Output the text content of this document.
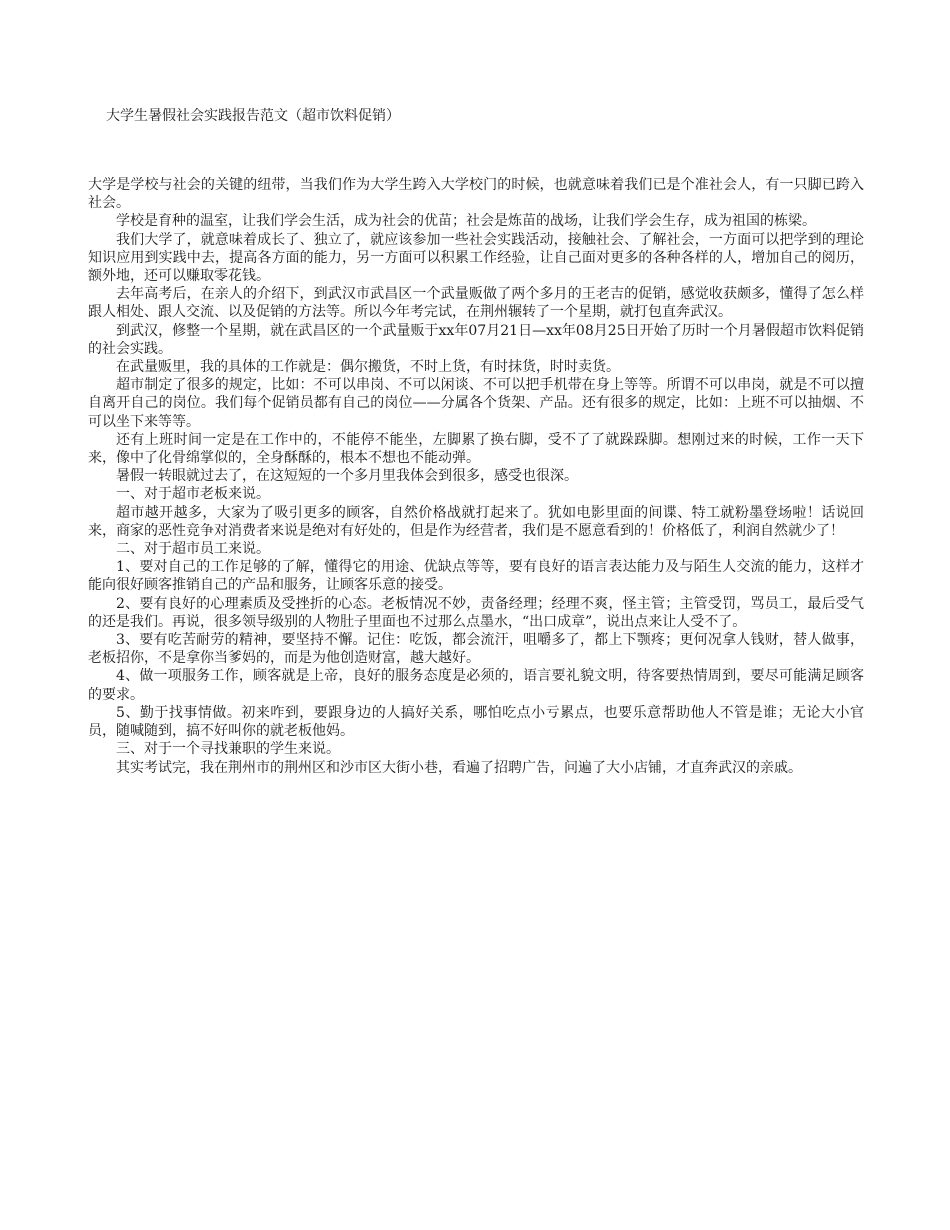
大学生暑假社会实践报告范文（超市饮料促销）

大学是学校与社会的关键的纽带，当我们作为大学生跨入大学校门的时候，也就意味着我们已是个准社会人，有一只脚已跨入社会。

学校是育种的温室，让我们学会生活，成为社会的优苗；社会是炼苗的战场，让我们学会生存，成为祖国的栋梁。

我们大学了，就意味着成长了、独立了，就应该参加一些社会实践活动，接触社会、了解社会，一方面可以把学到的理论知识应用到实践中去，提高各方面的能力，另一方面可以积累工作经验，让自己面对更多的各种各样的人，增加自己的阅历，额外地，还可以赚取零花钱。

去年高考后，在亲人的介绍下，到武汉市武昌区一个武量贩做了两个多月的王老吉的促销，感觉收获颇多，懂得了怎么样跟人相处、跟人交流、以及促销的方法等。所以今年考完试，在荆州辗转了一个星期，就打包直奔武汉。

到武汉，修整一个星期，就在武昌区的一个武量贩于xx年07月21日—xx年08月25日开始了历时一个月暑假超市饮料促销的社会实践。

在武量贩里，我的具体的工作就是：偶尔搬货，不时上货，有时抹货，时时卖货。

超市制定了很多的规定，比如：不可以串岗、不可以闲谈、不可以把手机带在身上等等。所谓不可以串岗，就是不可以擅自离开自己的岗位。我们每个促销员都有自己的岗位——分属各个货架、产品。还有很多的规定，比如：上班不可以抽烟、不可以坐下来等等。

还有上班时间一定是在工作中的，不能停不能坐，左脚累了换右脚，受不了了就跺跺脚。想刚过来的时候，工作一天下来，像中了化骨绵掌似的，全身酥酥的，根本不想也不能动弹。

暑假一转眼就过去了，在这短短的一个多月里我体会到很多，感受也很深。

一、对于超市老板来说。

超市越开越多，大家为了吸引更多的顾客，自然价格战就打起来了。犹如电影里面的间谍、特工就粉墨登场啦！话说回来，商家的恶性竞争对消费者来说是绝对有好处的，但是作为经营者，我们是不愿意看到的！价格低了，利润自然就少了！

二、对于超市员工来说。

1、要对自己的工作足够的了解，懂得它的用途、优缺点等等，要有良好的语言表达能力及与陌生人交流的能力，这样才能向很好顾客推销自己的产品和服务，让顾客乐意的接受。

2、要有良好的心理素质及受挫折的心态。老板情况不妙，责备经理；经理不爽，怪主管；主管受罚，骂员工，最后受气的还是我们。再说，很多领导级别的人物肚子里面也不过那么点墨水，“出口成章”，说出点来让人受不了。

3、要有吃苦耐劳的精神，要坚持不懈。记住：吃饭，都会流汗，咀嚼多了，都上下颚疼；更何况拿人钱财，替人做事，老板招你，不是拿你当爹妈的，而是为他创造财富，越大越好。

4、做一项服务工作，顾客就是上帝，良好的服务态度是必须的，语言要礼貌文明，待客要热情周到，要尽可能满足顾客的要求。

5、勤于找事情做。初来咋到，要跟身边的人搞好关系，哪怕吃点小亏累点，也要乐意帮助他人不管是谁；无论大小官员，随喊随到，搞不好叫你的就老板他妈。

三、对于一个寻找兼职的学生来说。

其实考试完，我在荆州市的荆州区和沙市区大街小巷，看遍了招聘广告，问遍了大小店铺，才直奔武汉的亲戚。
